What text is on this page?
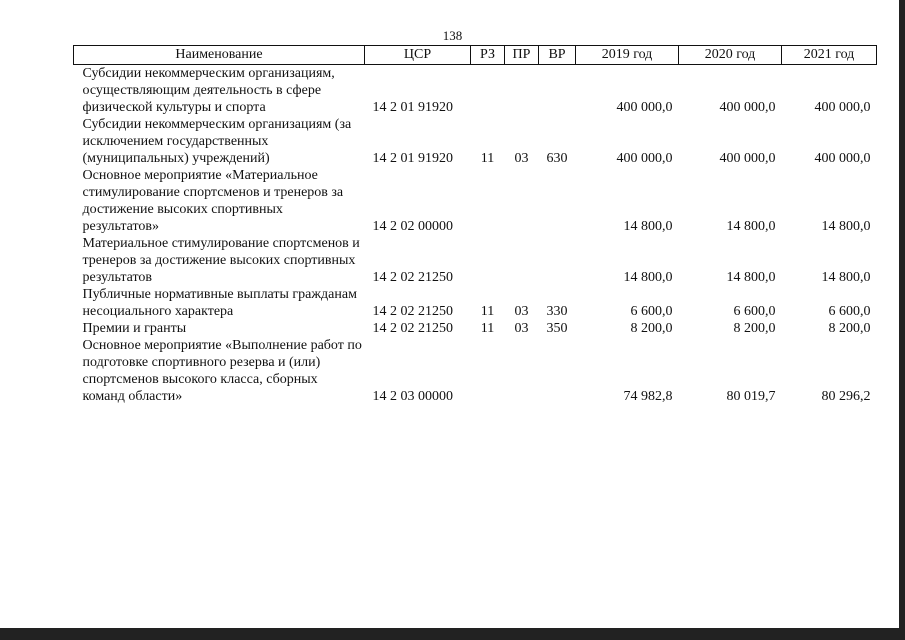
138
Наименование	ЦСР	РЗ	ПР	ВР	2019 год	2020 год	2021 год
Субсидии некоммерческим организациям, осуществляющим деятельность в сфере физической культуры и спорта	14 2 01 91920				400 000,0	400 000,0	400 000,0
Субсидии некоммерческим организациям (за исключением государственных (муниципальных) учреждений)	14 2 01 91920	11	03	630	400 000,0	400 000,0	400 000,0
Основное мероприятие «Материальное стимулирование спортсменов и тренеров за достижение высоких спортивных результатов»	14 2 02 00000				14 800,0	14 800,0	14 800,0
Материальное стимулирование спортсменов и тренеров за достижение высоких спортивных результатов	14 2 02 21250				14 800,0	14 800,0	14 800,0
Публичные нормативные выплаты гражданам несоциального характера	14 2 02 21250	11	03	330	6 600,0	6 600,0	6 600,0
Премии и гранты	14 2 02 21250	11	03	350	8 200,0	8 200,0	8 200,0
Основное мероприятие «Выполнение работ по подготовке спортивного резерва и (или) спортсменов высокого класса, сборных команд области»	14 2 03 00000				74 982,8	80 019,7	80 296,2
